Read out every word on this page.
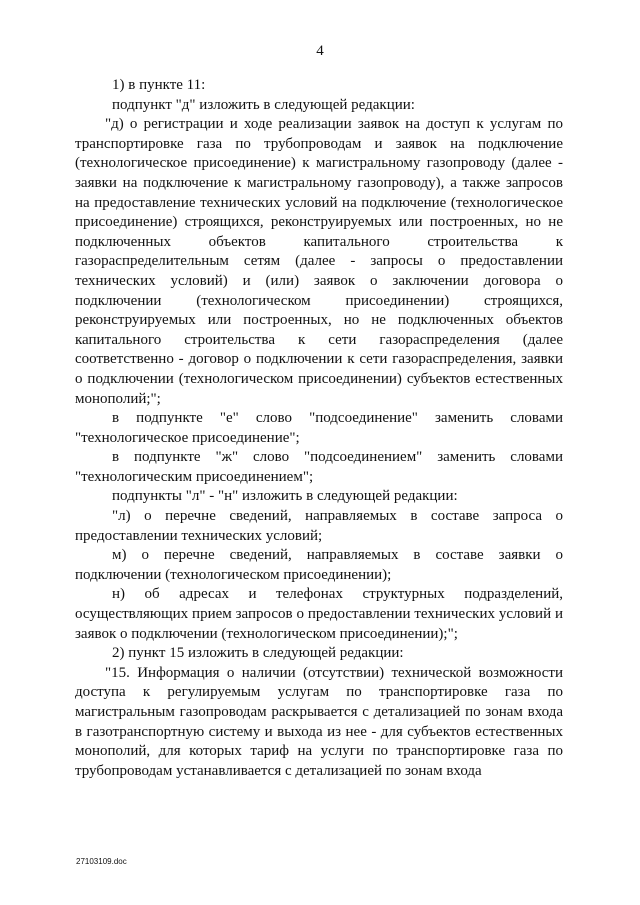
4

1) в пункте 11:

подпункт "д" изложить в следующей редакции:

"д) о регистрации и ходе реализации заявок на доступ к услугам по транспортировке газа по трубопроводам и заявок на подключение (технологическое присоединение) к магистральному газопроводу (далее - заявки на подключение к магистральному газопроводу), а также запросов на предоставление технических условий на подключение (технологическое присоединение) строящихся, реконструируемых или построенных, но не подключенных объектов капитального строительства к газораспределительным сетям (далее - запросы о предоставлении технических условий) и (или) заявок о заключении договора о подключении (технологическом присоединении) строящихся, реконструируемых или построенных, но не подключенных объектов капитального строительства к сети газораспределения (далее соответственно - договор о подключении к сети газораспределения, заявки о подключении (технологическом присоединении) субъектов естественных монополий;";

в подпункте "е" слово "подсоединение" заменить словами "технологическое присоединение";

в подпункте "ж" слово "подсоединением" заменить словами "технологическим присоединением";

подпункты "л" - "н" изложить в следующей редакции:

"л) о перечне сведений, направляемых в составе запроса о предоставлении технических условий;

м) о перечне сведений, направляемых в составе заявки о подключении (технологическом присоединении);

н) об адресах и телефонах структурных подразделений, осуществляющих прием запросов о предоставлении технических условий и заявок о подключении (технологическом присоединении);";

2) пункт 15 изложить в следующей редакции:

"15. Информация о наличии (отсутствии) технической возможности доступа к регулируемым услугам по транспортировке газа по магистральным газопроводам раскрывается с детализацией по зонам входа в газотранспортную систему и выхода из нее - для субъектов естественных монополий, для которых тариф на услуги по транспортировке газа по трубопроводам устанавливается с детализацией по зонам входа

27103109.doc
